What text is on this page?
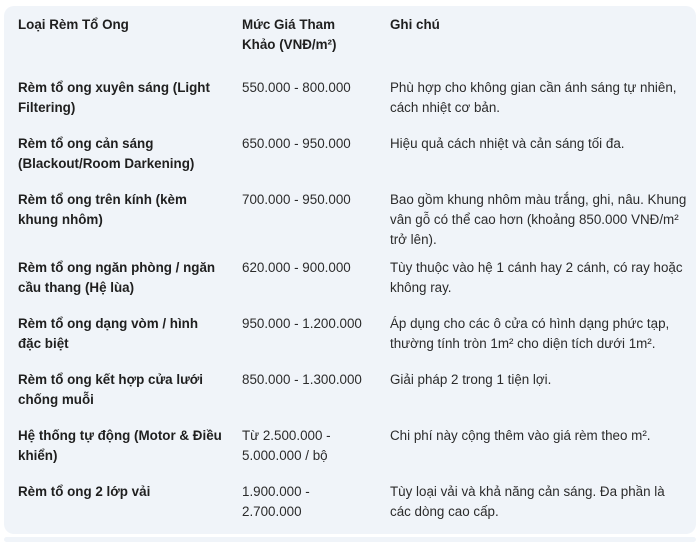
Loại Rèm Tổ Ong	Mức Giá Tham Khảo (VNĐ/m²)	Ghi chú
Rèm tổ ong xuyên sáng (Light Filtering)	550.000 - 800.000	Phù hợp cho không gian cần ánh sáng tự nhiên, cách nhiệt cơ bản.
Rèm tổ ong cản sáng (Blackout/Room Darkening)	650.000 - 950.000	Hiệu quả cách nhiệt và cản sáng tối đa.
Rèm tổ ong trên kính (kèm khung nhôm)	700.000 - 950.000	Bao gồm khung nhôm màu trắng, ghi, nâu. Khung vân gỗ có thể cao hơn (khoảng 850.000 VNĐ/m² trở lên).
Rèm tổ ong ngăn phòng / ngăn cầu thang (Hệ lùa)	620.000 - 900.000	Tùy thuộc vào hệ 1 cánh hay 2 cánh, có ray hoặc không ray.
Rèm tổ ong dạng vòm / hình đặc biệt	950.000 - 1.200.000	Áp dụng cho các ô cửa có hình dạng phức tạp, thường tính tròn 1m² cho diện tích dưới 1m².
Rèm tổ ong kết hợp cửa lưới chống muỗi	850.000 - 1.300.000	Giải pháp 2 trong 1 tiện lợi.
Hệ thống tự động (Motor & Điều khiển)	Từ 2.500.000 - 5.000.000 / bộ	Chi phí này cộng thêm vào giá rèm theo m².
Rèm tổ ong 2 lớp vải	1.900.000 - 2.700.000	Tùy loại vải và khả năng cản sáng. Đa phần là các dòng cao cấp.
